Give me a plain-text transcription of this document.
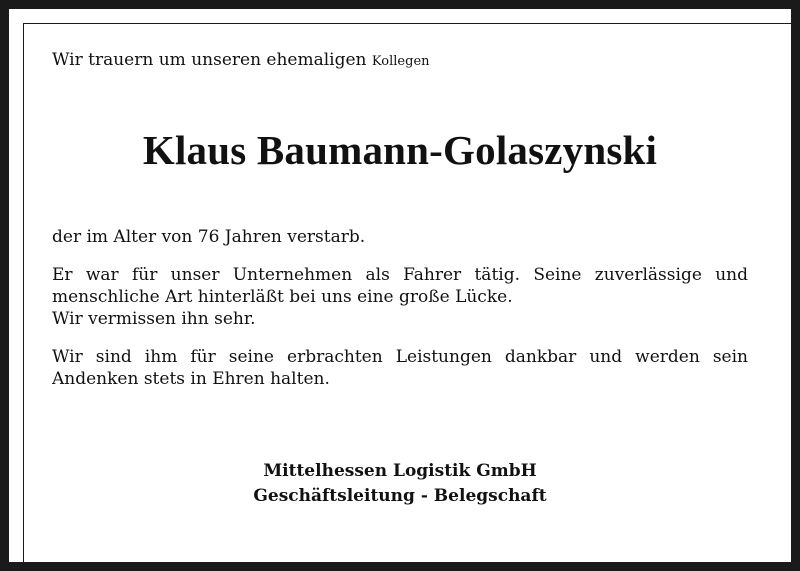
Wir trauern um unseren ehemaligen Kollegen

Klaus Baumann-Golaszynski

der im Alter von 76 Jahren verstarb.

Er war für unser Unternehmen als Fahrer tätig. Seine zuverlässige und
menschliche Art hinterläßt bei uns eine große Lücke.
Wir vermissen ihn sehr.

Wir sind ihm für seine erbrachten Leistungen dankbar und werden sein
Andenken stets in Ehren halten.

Mittelhessen Logistik GmbH
Geschäftsleitung - Belegschaft
